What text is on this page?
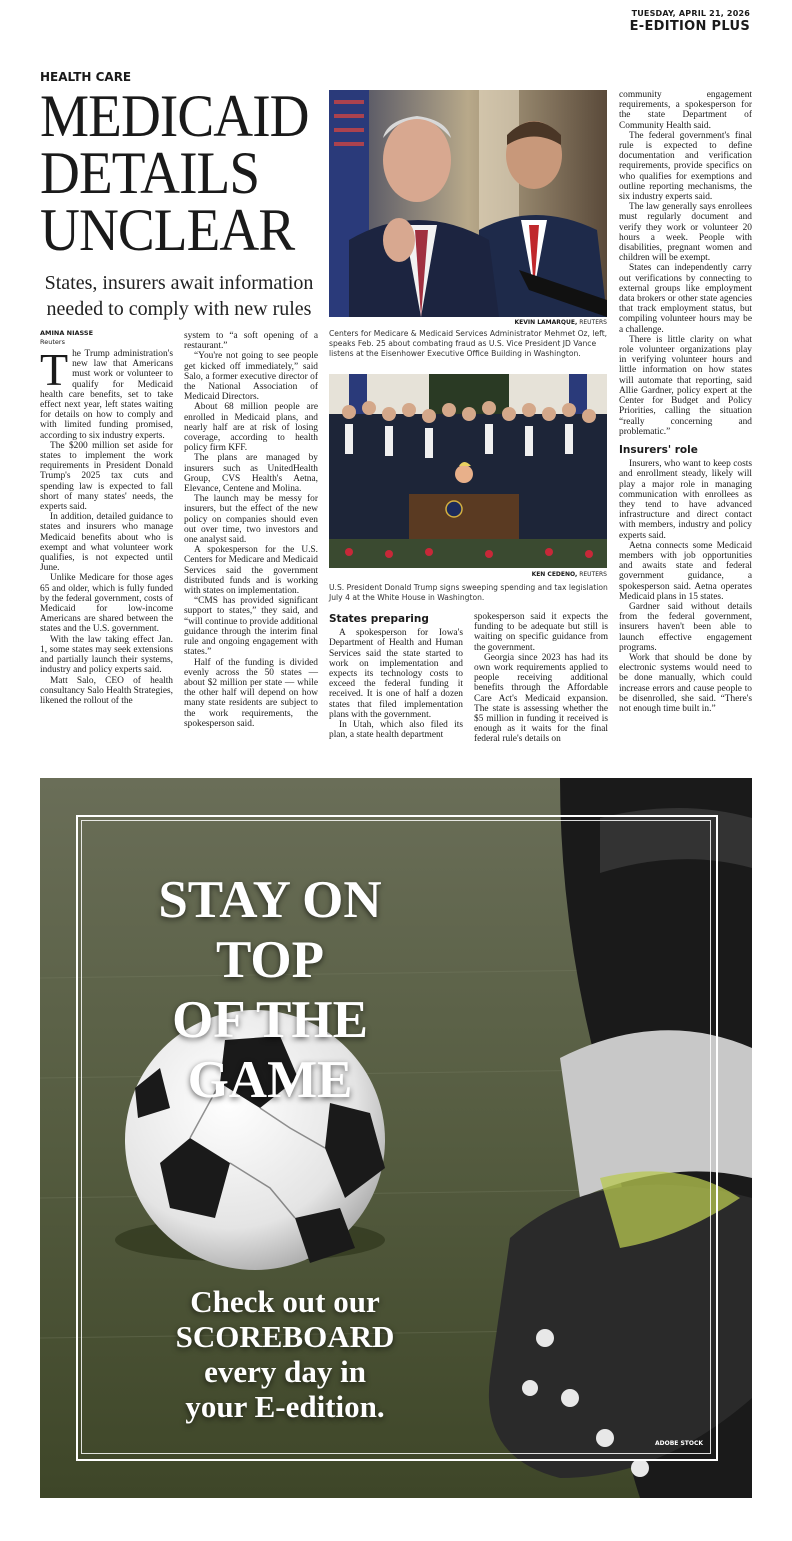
TUESDAY, APRIL 21, 2026
E-EDITION PLUS
HEALTH CARE
MEDICAID
DETAILS
UNCLEAR
States, insurers await information needed to comply with new rules
AMINA NIASSE
Reuters
T he Trump administration's new law that Americans must work or volunteer to qualify for Medicaid health care benefits, set to take effect next year, left states waiting for details on how to comply and with limited funding promised, according to six industry experts.

The $200 million set aside for states to implement the work requirements in President Donald Trump's 2025 tax cuts and spending law is expected to fall short of many states' needs, the experts said.

In addition, detailed guidance to states and insurers who manage Medicaid benefits about who is exempt and what volunteer work qualifies, is not expected until June.

Unlike Medicare for those ages 65 and older, which is fully funded by the federal government, costs of Medicaid for low-income Americans are shared between the states and the U.S. government.

With the law taking effect Jan. 1, some states may seek extensions and partially launch their systems, industry and policy experts said.

Matt Salo, CEO of health consultancy Salo Health Strategies, likened the rollout of the

system to “a soft opening of a restaurant.”

“You're not going to see people get kicked off immediately,” said Salo, a former executive director of the National Association of Medicaid Directors.

About 68 million people are enrolled in Medicaid plans, and nearly half are at risk of losing coverage, according to health policy firm KFF.

The plans are managed by insurers such as UnitedHealth Group, CVS Health's Aetna, Elevance, Centene and Molina.

The launch may be messy for insurers, but the effect of the new policy on companies should even out over time, two investors and one analyst said.

A spokesperson for the U.S. Centers for Medicare and Medicaid Services said the government distributed funds and is working with states on implementation.

“CMS has provided significant support to states,” they said, and “will continue to provide additional guidance through the interim final rule and ongoing engagement with states.”

Half of the funding is divided evenly across the 50 states — about $2 million per state — while the other half will depend on how many state residents are subject to the work requirements, the spokesperson said.

KEVIN LAMARQUE, REUTERS
Centers for Medicare & Medicaid Services Administrator Mehmet Oz, left, speaks Feb. 25 about combating fraud as U.S. Vice President JD Vance listens at the Eisenhower Executive Office Building in Washington.
KEN CEDENO, REUTERS
U.S. President Donald Trump signs sweeping spending and tax legislation July 4 at the White House in Washington.
States preparing

A spokesperson for Iowa's Department of Health and Human Services said the state started to work on implementation and expects its technology costs to exceed the federal funding it received. It is one of half a dozen states that filed implementation plans with the government.

In Utah, which also filed its plan, a state health department

spokesperson said it expects the funding to be adequate but still is waiting on specific guidance from the government.

Georgia since 2023 has had its own work requirements applied to people receiving additional benefits through the Affordable Care Act's Medicaid expansion. The state is assessing whether the $5 million in funding it received is enough as it waits for the final federal rule's details on

community engagement requirements, a spokesperson for the state Department of Community Health said.

The federal government's final rule is expected to define documentation and verification requirements, provide specifics on who qualifies for exemptions and outline reporting mechanisms, the six industry experts said.

The law generally says enrollees must regularly document and verify they work or volunteer 20 hours a week. People with disabilities, pregnant women and children will be exempt.

States can independently carry out verifications by connecting to external groups like employment data brokers or other state agencies that track employment status, but compiling volunteer hours may be a challenge.

There is little clarity on what role volunteer organizations play in verifying volunteer hours and little information on how states will automate that reporting, said Allie Gardner, policy expert at the Center for Budget and Policy Priorities, calling the situation “really concerning and problematic.”

Insurers' role

Insurers, who want to keep costs and enrollment steady, likely will play a major role in managing communication with enrollees as they tend to have advanced infrastructure and direct contact with members, industry and policy experts said.

Aetna connects some Medicaid members with job opportunities and awaits state and federal government guidance, a spokesperson said. Aetna operates Medicaid plans in 15 states.

Gardner said without details from the federal government, insurers haven't been able to launch effective engagement programs.

Work that should be done by electronic systems would need to be done manually, which could increase errors and cause people to be disenrolled, she said. “There's not enough time built in.”

STAY ON TOP
OF THE GAME
Check out our
SCOREBOARD
every day in
your E-edition.
ADOBE STOCK
